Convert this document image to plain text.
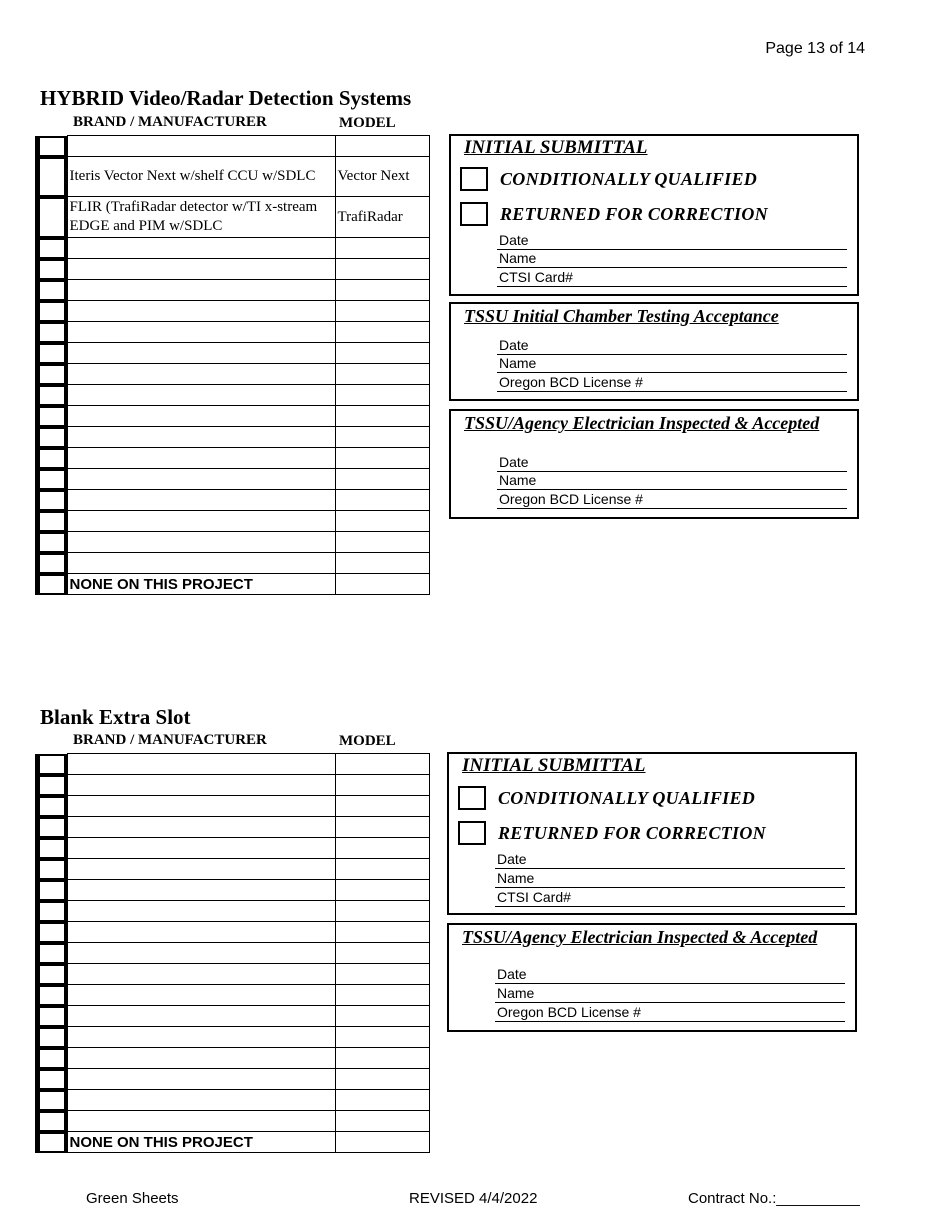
Page 13 of 14
HYBRID Video/Radar Detection Systems
BRAND / MANUFACTURER	MODEL

	Iteris Vector Next w/shelf CCU w/SDLC	Vector Next

	FLIR (TrafiRadar detector w/TI x-stream EDGE and PIM w/SDLC	TrafiRadar

	NONE ON THIS PROJECT	
INITIAL SUBMITTAL
CONDITIONALLY QUALIFIED
RETURNED FOR CORRECTION
Date
Name
CTSI Card#
TSSU Initial Chamber Testing Acceptance
Date
Name
Oregon BCD License #
TSSU/Agency Electrician Inspected & Accepted
Date
Name
Oregon BCD License #
Blank Extra Slot
BRAND / MANUFACTURER	MODEL

	NONE ON THIS PROJECT	
INITIAL SUBMITTAL
CONDITIONALLY QUALIFIED
RETURNED FOR CORRECTION
Date
Name
CTSI Card#
TSSU/Agency Electrician Inspected & Accepted
Date
Name
Oregon BCD License #
Green Sheets	REVISED 4/4/2022	Contract No.:__________
